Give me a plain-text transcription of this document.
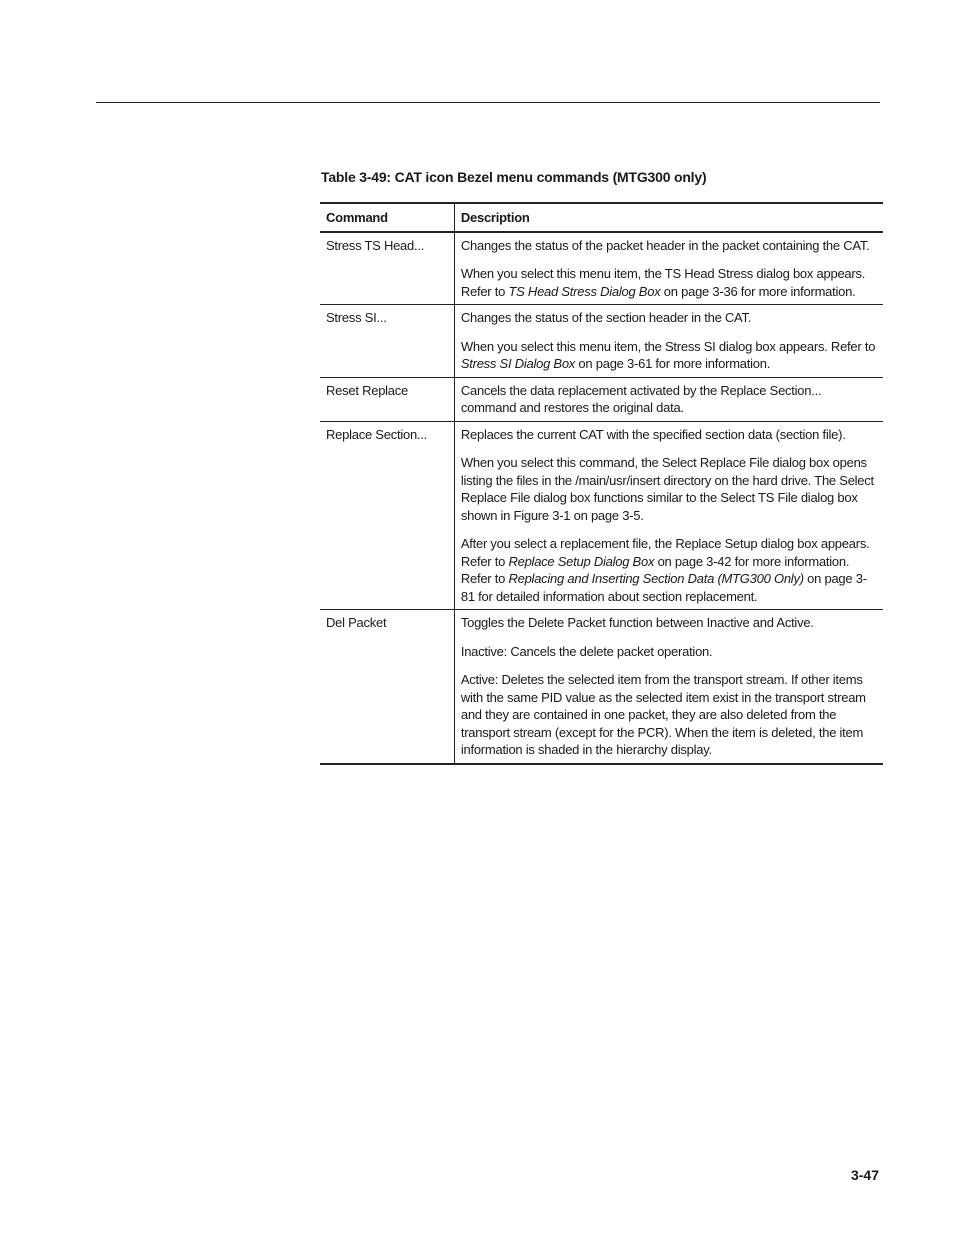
Table 3-49: CAT icon Bezel menu commands (MTG300 only)
Command	Description
Stress TS Head...	Changes the status of the packet header in the packet containing the CAT.

When you select this menu item, the TS Head Stress dialog box appears. Refer to TS Head Stress Dialog Box on page 3-36 for more information.

Stress SI...	Changes the status of the section header in the CAT.

When you select this menu item, the Stress SI dialog box appears. Refer to Stress SI Dialog Box on page 3-61 for more information.

Reset Replace	Cancels the data replacement activated by the Replace Section... command and restores the original data.

Replace Section...	Replaces the current CAT with the specified section data (section file).

When you select this command, the Select Replace File dialog box opens listing the files in the /main/usr/insert directory on the hard drive. The Select Replace File dialog box functions similar to the Select TS File dialog box shown in Figure 3-1 on page 3-5.

After you select a replacement file, the Replace Setup dialog box appears. Refer to Replace Setup Dialog Box on page 3-42 for more information. Refer to Replacing and Inserting Section Data (MTG300 Only) on page 3-81 for detailed information about section replacement.

Del Packet	Toggles the Delete Packet function between Inactive and Active.

Inactive: Cancels the delete packet operation.

Active: Deletes the selected item from the transport stream. If other items with the same PID value as the selected item exist in the transport stream and they are contained in one packet, they are also deleted from the transport stream (except for the PCR). When the item is deleted, the item information is shaded in the hierarchy display.

3-47
